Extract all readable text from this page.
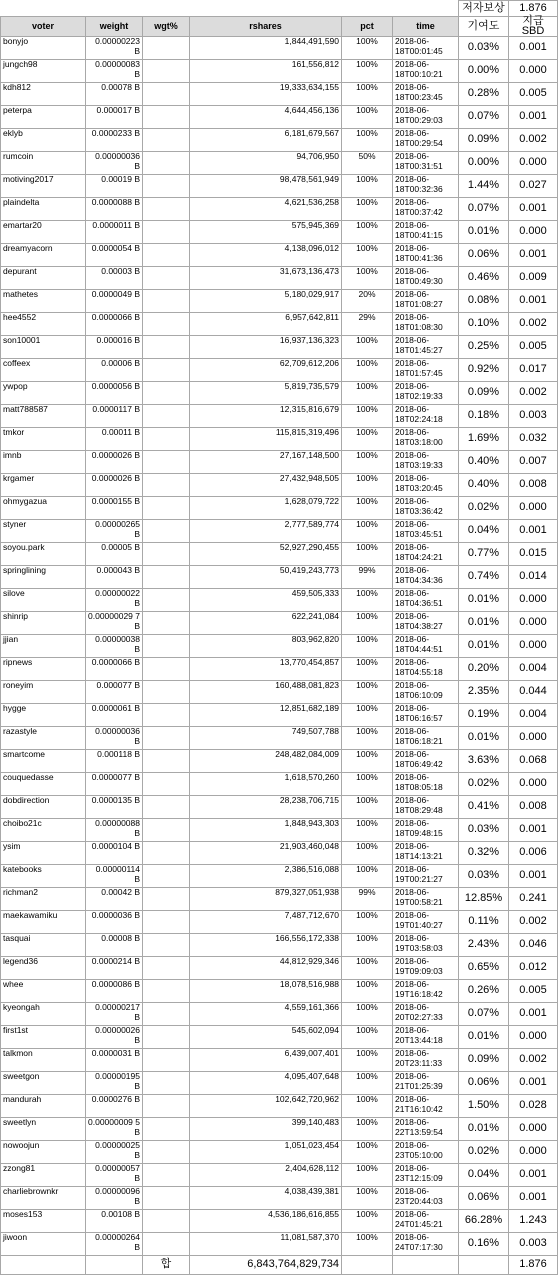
						저자보상	1.876
voter	weight	wgt%	rshares	pct	time	기여도	지급 SBD
bonyjo	0.00000223 B		1,844,491,590	100%	2018-06-18T00:01:45	0.03%	0.001
jungch98	0.00000083 B		161,556,812	100%	2018-06-18T00:10:21	0.00%	0.000
kdh812	0.00078 B		19,333,634,155	100%	2018-06-18T00:23:45	0.28%	0.005
peterpa	0.000017 B		4,644,456,136	100%	2018-06-18T00:29:03	0.07%	0.001
eklyb	0.0000233 B		6,181,679,567	100%	2018-06-18T00:29:54	0.09%	0.002
rumcoin	0.00000036 B		94,706,950	50%	2018-06-18T00:31:51	0.00%	0.000
motiving2017	0.00019 B		98,478,561,949	100%	2018-06-18T00:32:36	1.44%	0.027
plaindelta	0.0000088 B		4,621,536,258	100%	2018-06-18T00:37:42	0.07%	0.001
emartar20	0.0000011 B		575,945,369	100%	2018-06-18T00:41:15	0.01%	0.000
dreamyacorn	0.0000054 B		4,138,096,012	100%	2018-06-18T00:41:36	0.06%	0.001
depurant	0.00003 B		31,673,136,473	100%	2018-06-18T00:49:30	0.46%	0.009
mathetes	0.0000049 B		5,180,029,917	20%	2018-06-18T01:08:27	0.08%	0.001
hee4552	0.0000066 B		6,957,642,811	29%	2018-06-18T01:08:30	0.10%	0.002
son10001	0.000016 B		16,937,136,323	100%	2018-06-18T01:45:27	0.25%	0.005
coffeex	0.00006 B		62,709,612,206	100%	2018-06-18T01:57:45	0.92%	0.017
ywpop	0.0000056 B		5,819,735,579	100%	2018-06-18T02:19:33	0.09%	0.002
matt788587	0.0000117 B		12,315,816,679	100%	2018-06-18T02:24:18	0.18%	0.003
tmkor	0.00011 B		115,815,319,496	100%	2018-06-18T03:18:00	1.69%	0.032
imnb	0.0000026 B		27,167,148,500	100%	2018-06-18T03:19:33	0.40%	0.007
krgamer	0.0000026 B		27,432,948,505	100%	2018-06-18T03:20:45	0.40%	0.008
ohmygazua	0.0000155 B		1,628,079,722	100%	2018-06-18T03:36:42	0.02%	0.000
styner	0.00000265 B		2,777,589,774	100%	2018-06-18T03:45:51	0.04%	0.001
soyou.park	0.00005 B		52,927,290,455	100%	2018-06-18T04:24:21	0.77%	0.015
springlining	0.000043 B		50,419,243,773	99%	2018-06-18T04:34:36	0.74%	0.014
silove	0.00000022 B		459,505,333	100%	2018-06-18T04:36:51	0.01%	0.000
shinrip	0.00000029 7 B		622,241,084	100%	2018-06-18T04:38:27	0.01%	0.000
jjian	0.00000038 B		803,962,820	100%	2018-06-18T04:44:51	0.01%	0.000
ripnews	0.0000066 B		13,770,454,857	100%	2018-06-18T04:55:18	0.20%	0.004
roneyim	0.000077 B		160,488,081,823	100%	2018-06-18T06:10:09	2.35%	0.044
hygge	0.0000061 B		12,851,682,189	100%	2018-06-18T06:16:57	0.19%	0.004
razastyle	0.00000036 B		749,507,788	100%	2018-06-18T06:18:21	0.01%	0.000
smartcome	0.000118 B		248,482,084,009	100%	2018-06-18T06:49:42	3.63%	0.068
couquedasse	0.0000077 B		1,618,570,260	100%	2018-06-18T08:05:18	0.02%	0.000
dobdirection	0.0000135 B		28,238,706,715	100%	2018-06-18T08:29:48	0.41%	0.008
choibo21c	0.00000088 B		1,848,943,303	100%	2018-06-18T09:48:15	0.03%	0.001
ysim	0.0000104 B		21,903,460,048	100%	2018-06-18T14:13:21	0.32%	0.006
katebooks	0.00000114 B		2,386,516,088	100%	2018-06-19T00:21:27	0.03%	0.001
richman2	0.00042 B		879,327,051,938	99%	2018-06-19T00:58:21	12.85%	0.241
maekawamiku	0.0000036 B		7,487,712,670	100%	2018-06-19T01:40:27	0.11%	0.002
tasquai	0.00008 B		166,556,172,338	100%	2018-06-19T03:58:03	2.43%	0.046
legend36	0.0000214 B		44,812,929,346	100%	2018-06-19T09:09:03	0.65%	0.012
whee	0.0000086 B		18,078,516,988	100%	2018-06-19T16:18:42	0.26%	0.005
kyeongah	0.00000217 B		4,559,161,366	100%	2018-06-20T02:27:33	0.07%	0.001
first1st	0.00000026 B		545,602,094	100%	2018-06-20T13:44:18	0.01%	0.000
talkmon	0.0000031 B		6,439,007,401	100%	2018-06-20T23:11:33	0.09%	0.002
sweetgon	0.00000195 B		4,095,407,648	100%	2018-06-21T01:25:39	0.06%	0.001
mandurah	0.0000276 B		102,642,720,962	100%	2018-06-21T16:10:42	1.50%	0.028
sweetlyn	0.00000009 5 B		399,140,483	100%	2018-06-22T13:59:54	0.01%	0.000
nowoojun	0.00000025 B		1,051,023,454	100%	2018-06-23T05:10:00	0.02%	0.000
zzong81	0.00000057 B		2,404,628,112	100%	2018-06-23T12:15:09	0.04%	0.001
charliebrownkr	0.00000096 B		4,038,439,381	100%	2018-06-23T20:44:03	0.06%	0.001
moses153	0.00108 B		4,536,186,616,855	100%	2018-06-24T01:45:21	66.28%	1.243
jiwoon	0.00000264 B		11,081,587,370	100%	2018-06-24T07:17:30	0.16%	0.003
		합	6,843,764,829,734				1.876
